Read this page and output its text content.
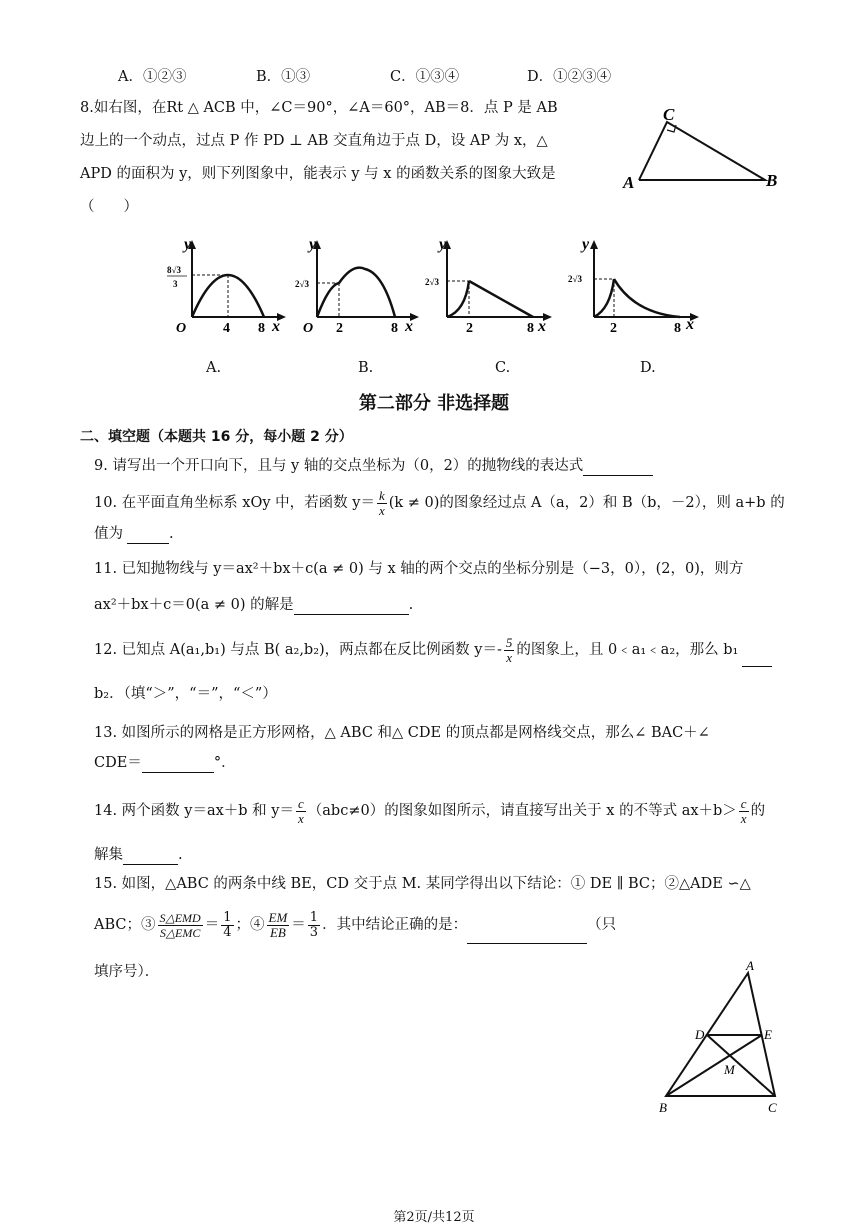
A．①②③	B．①③	C．①③④	D．①②③④
8.如右图，在Rt △ ACB 中，∠C＝90°，∠A＝60°，AB＝8．点 P 是 AB
边上的一个动点，过点 P 作 PD ⊥ AB 交直角边于点 D，设 AP 为 x，△
APD 的面积为 y，则下列图象中，能表示 y 与 x 的函数关系的图象大致是
（　　）
C
A	B
y
x
O
8√3
3
4 8
A.
y
x
O
2√3
2	8
B.
y
x
2√3
2	8
C.
y
x
2√3
2	8
D.
第二部分 非选择题
二、填空题（本题共 16 分，每小题 2 分）
9. 请写出一个开口向下，且与 y 轴的交点坐标为（0，2）的抛物线的表达式
10. 在平面直角坐标系 xOy 中，若函数 $y= \frac{k}{x} (k \ne 0)$的图象经过点 A（a，2）和 B（b，－2），则 a+b 的
值为	.
11. 已知抛物线与 y＝ax²＋bx＋c(a ≠ 0) 与 x 轴的两个交点的坐标分别是（−3，0），(2，0)，则方
ax²＋bx＋c＝0(a ≠ 0) 的解是	.
12. 已知点 A(a₁,b₁) 与点 B( a₂,b₂)，两点都在反比例函数 $y=- \frac{5}{x}$ 的图象上，且 0﹤a₁﹤a₂，那么 b₁
b₂．（填“＞”，“＝”，“＜”）
13. 如图所示的网格是正方形网格，△ ABC 和△ CDE 的顶点都是网格线交点，那么∠ BAC＋∠
CDE＝	°．
14. 两个函数 y＝ax＋b 和 $y= \frac{c}{x} (abc\ne 0)$的图象如图所示，请直接写出关于 x 的不等式 $ax+b> \frac{c}{x}$ 的
解集	.
15. 如图，△ABC 的两条中线 BE，CD 交于点 M. 某同学得出以下结论：① DE ∥ BC；②△ADE ∽△
ABC；③ $\frac{\text{S△EMD}}{\text{S△EMC}} = \frac{1}{4}$ ；④ $\frac{EM}{EB} = \frac{1}{3}$ ．其中结论正确的是：	（只
填序号）．	A
B	C
D	E
M
第2页/共12页
